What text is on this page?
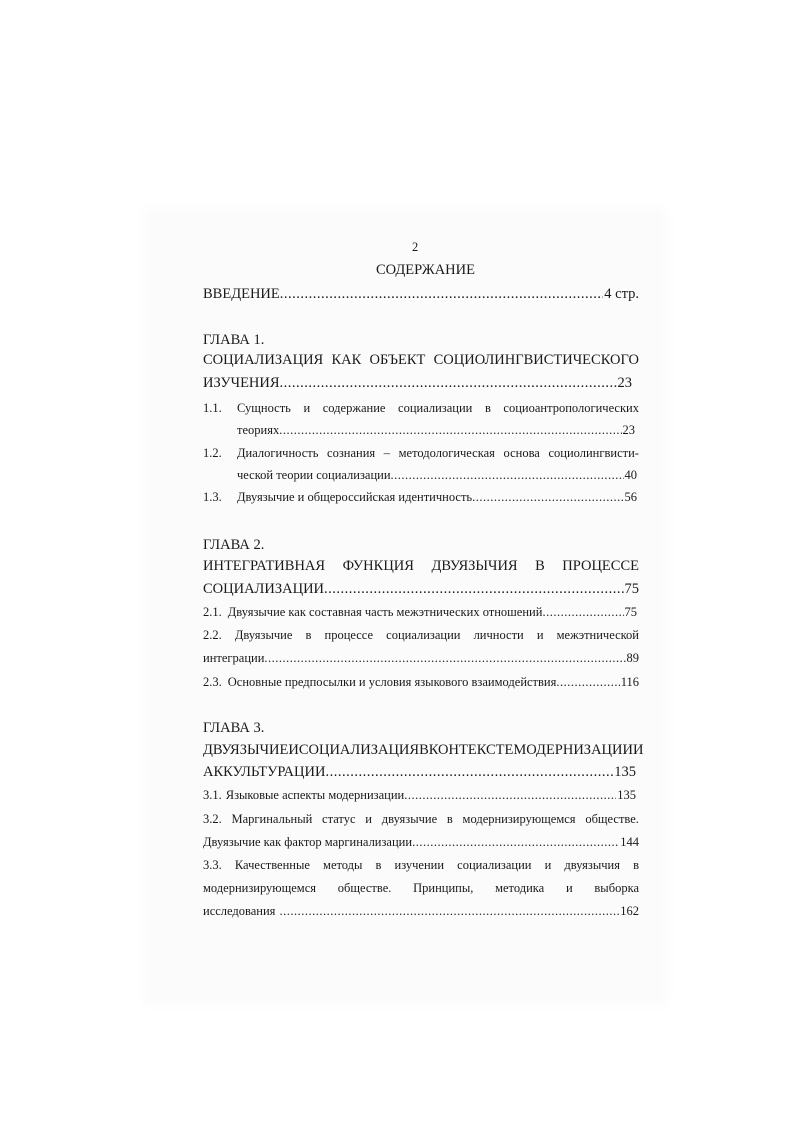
2
СОДЕРЖАНИЕ
ВВЕДЕНИЕ .....	4 стр.
ГЛАВА 1.
СОЦИАЛИЗАЦИЯ КАК ОБЪЕКТ СОЦИОЛИНГВИСТИЧЕСКОГО
ИЗУЧЕНИЯ .....	23
1.1. Сущность и содержание социализации в социоантропологических
теориях .....	23
1.2. Диалогичность сознания – методологическая основа социолингвисти-
ческой теории социализации .....	40
1.3. Двуязычие и общероссийская идентичность .....	56
ГЛАВА 2.
ИНТЕГРАТИВНАЯ ФУНКЦИЯ ДВУЯЗЫЧИЯ В ПРОЦЕССЕ
СОЦИАЛИЗАЦИИ .....	75
2.1. Двуязычие как составная часть межэтнических отношений .....	75
2.2. Двуязычие в процессе социализации личности и межэтнической
интеграции .....	89
2.3. Основные предпосылки и условия языкового взаимодействия .....	116
ГЛАВА 3.
ДВУЯЗЫЧИЕ И СОЦИАЛИЗАЦИЯ В КОНТЕКСТЕ МОДЕРНИЗАЦИИ И
АККУЛЬТУРАЦИИ .....	135
3.1. Языковые аспекты модернизации .....	135
3.2. Маргинальный статус и двуязычие в модернизирующемся обществе.
Двуязычие как фактор маргинализации .....	144
3.3. Качественные методы в изучении социализации и двуязычия в
модернизирующемся обществе. Принципы, методика и выборка
исследования .....	162
